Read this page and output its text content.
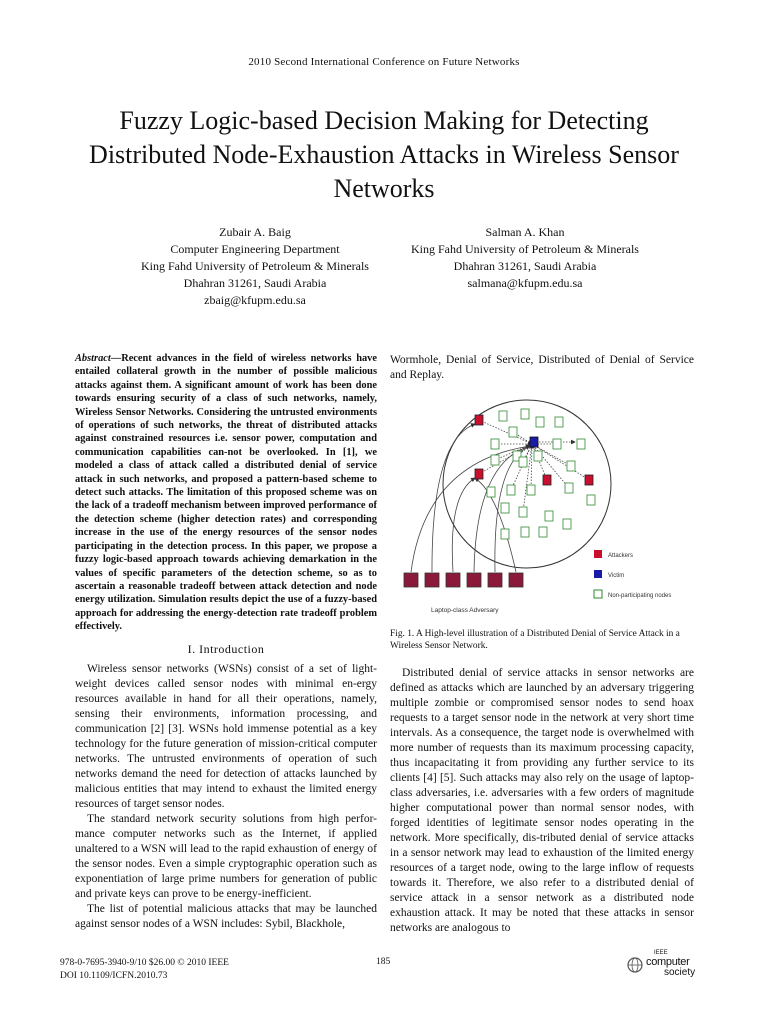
2010 Second International Conference on Future Networks
Fuzzy Logic-based Decision Making for Detecting Distributed Node-Exhaustion Attacks in Wireless Sensor Networks
Zubair A. Baig
Computer Engineering Department
King Fahd University of Petroleum & Minerals
Dhahran 31261, Saudi Arabia
zbaig@kfupm.edu.sa
Salman A. Khan
King Fahd University of Petroleum & Minerals
Dhahran 31261, Saudi Arabia
salmana@kfupm.edu.sa
Abstract—Recent advances in the field of wireless networks have entailed collateral growth in the number of possible malicious attacks against them. A significant amount of work has been done towards ensuring security of a class of such networks, namely, Wireless Sensor Networks. Considering the untrusted environments of operations of such networks, the threat of distributed attacks against constrained resources i.e. sensor power, computation and communication capabilities can-not be overlooked. In [1], we modeled a class of attack called a distributed denial of service attack in such networks, and proposed a pattern-based scheme to detect such attacks. The limitation of this proposed scheme was on the lack of a tradeoff mechanism between improved performance of the detection scheme (higher detection rates) and corresponding increase in the use of the energy resources of the sensor nodes participating in the detection process. In this paper, we propose a fuzzy logic-based approach towards achieving demarkation in the values of specific parameters of the detection scheme, so as to ascertain a reasonable tradeoff between attack detection and node energy utilization. Simulation results depict the use of a fuzzy-based approach for addressing the energy-detection rate tradeoff problem effectively.
I. Introduction

Wireless sensor networks (WSNs) consist of a set of light-weight devices called sensor nodes with minimal en-ergy resources available in hand for all their operations, namely, sensing their environments, information processing, and communication [2] [3]. WSNs hold immense potential as a key technology for the future generation of mission-critical computer networks. The untrusted environments of operation of such networks demand the need for detection of attacks launched by malicious entities that may intend to exhaust the limited energy resources of target sensor nodes.

The standard network security solutions from high perfor-mance computer networks such as the Internet, if applied unaltered to a WSN will lead to the rapid exhaustion of energy of the sensor nodes. Even a simple cryptographic operation such as exponentiation of large prime numbers for generation of public and private keys can prove to be energy-inefficient.

The list of potential malicious attacks that may be launched against sensor nodes of a WSN includes: Sybil, Blackhole,

Wormhole, Denial of Service, Distributed of Denial of Service and Replay.

Laptop-class Adversary
Attackers
Victim
Non-participating nodes
Fig. 1. A High-level illustration of a Distributed Denial of Service Attack in a Wireless Sensor Network.

Distributed denial of service attacks in sensor networks are defined as attacks which are launched by an adversary triggering multiple zombie or compromised sensor nodes to send hoax requests to a target sensor node in the network at very short time intervals. As a consequence, the target node is overwhelmed with more number of requests than its maximum processing capacity, thus incapacitating it from providing any further service to its clients [4] [5]. Such attacks may also rely on the usage of laptop-class adversaries, i.e. adversaries with a few orders of magnitude higher computational power than normal sensor nodes, with forged identities of legitimate sensor nodes operating in the network. More specifically, dis-tributed denial of service attacks in a sensor network may lead to exhaustion of the limited energy resources of a target node, owing to the large inflow of requests towards it. Therefore, we also refer to a distributed denial of service attack in a sensor network as a distributed node exhaustion attack. It may be noted that these attacks in sensor networks are analogous to

978-0-7695-3940-9/10 $26.00 © 2010 IEEE
DOI 10.1109/ICFN.2010.73
185
IEEE
computer
society
